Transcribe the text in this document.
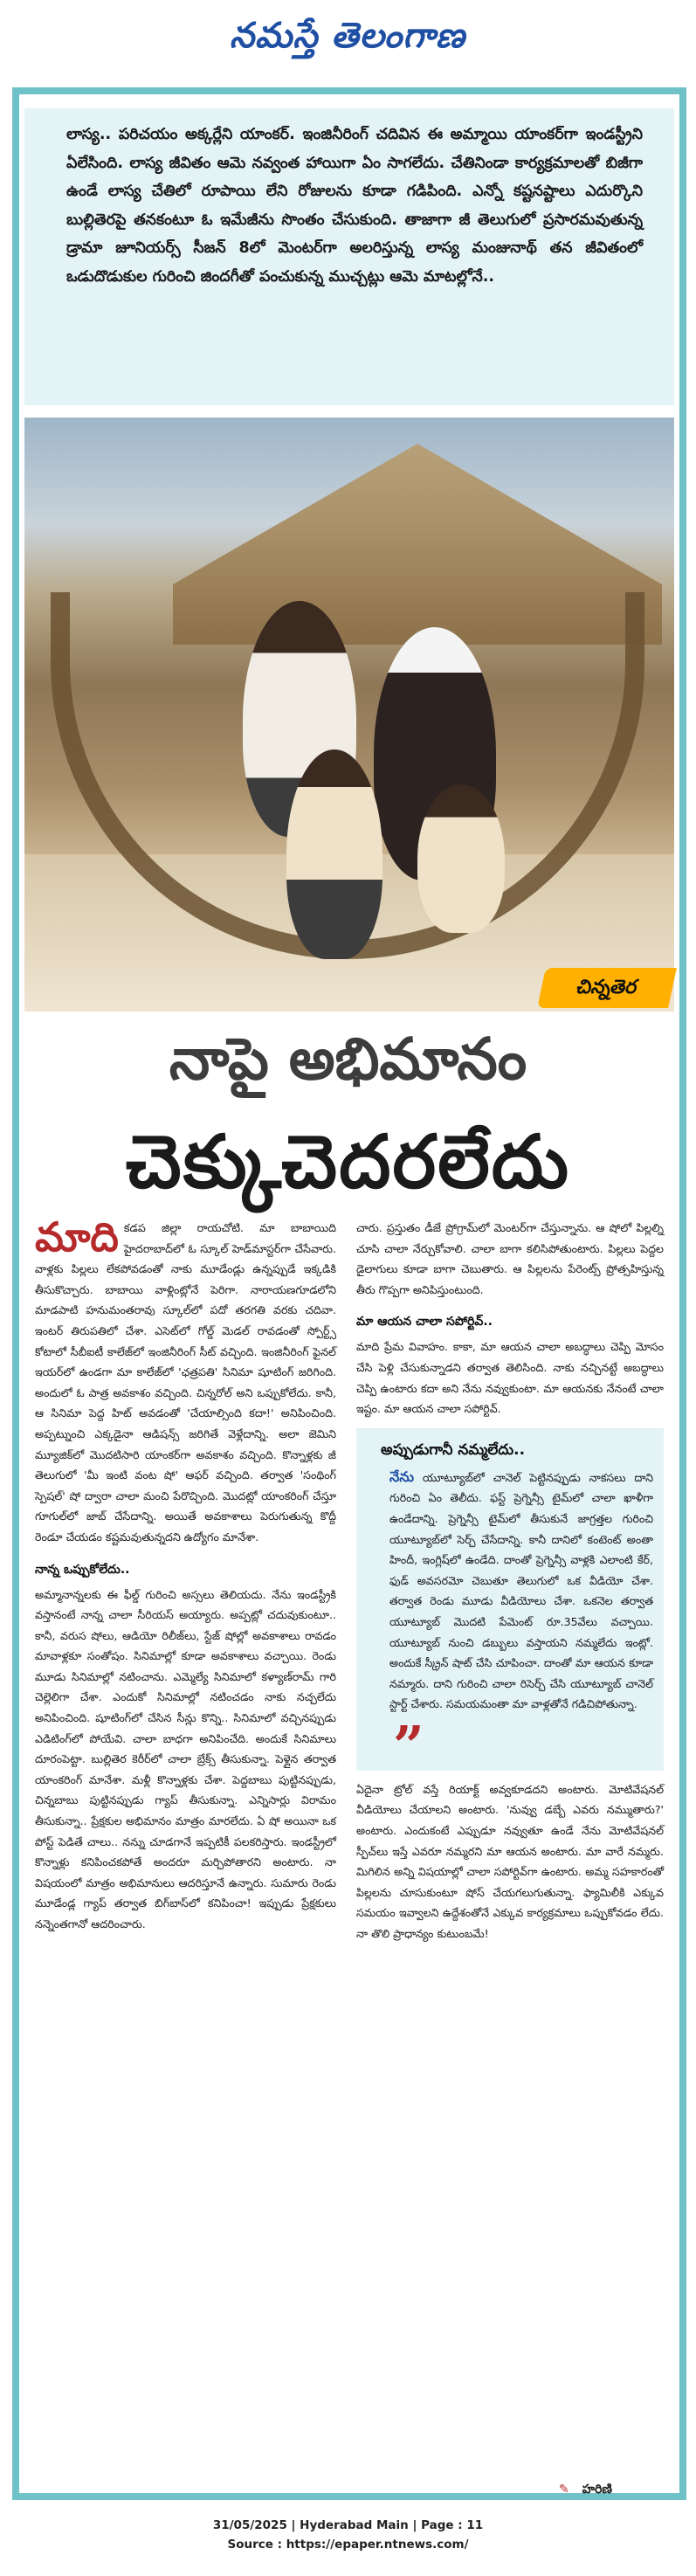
నమస్తే తెలంగాణ

లాస్య.. పరిచయం అక్కర్లేని యాంకర్. ఇంజినీరింగ్ చదివిన ఈ అమ్మాయి యాంకర్‌గా ఇండస్ట్రీని ఏలేసింది. లాస్య జీవితం ఆమె నవ్వంత హాయిగా ఏం సాగలేదు. చేతినిండా కార్యక్రమాలతో బిజీగా ఉండే లాస్య చేతిలో రూపాయి లేని రోజులను కూడా గడిపింది. ఎన్నో కష్టనష్టాలు ఎదుర్కొని బుల్లితెరపై తనకంటూ ఓ ఇమేజీను సొంతం చేసుకుంది. తాజాగా జీ తెలుగులో ప్రసారమవుతున్న డ్రామా జూనియర్స్ సీజన్ 8లో మెంటర్‌గా అలరిస్తున్న లాస్య మంజునాథ్ తన జీవితంలో ఒడుదొడుకుల గురించి జిందగీతో పంచుకున్న ముచ్చట్లు ఆమె మాటల్లోనే..

చిన్నతెర
నాపై అభిమానం
చెక్కుచెదరలేదు
మాది కడప జిల్లా రాయచోటి. మా బాబాయిది హైదరాబాద్‌లో ఓ స్కూల్ హెడ్‌మాస్టర్‌గా చేసేవారు. వాళ్లకు పిల్లలు లేకపోవడంతో నాకు మూడేండ్లు ఉన్నప్పుడే ఇక్కడికి తీసుకొచ్చారు. బాబాయి వాళ్లింట్లోనే పెరిగా. నారాయణగూడలోని మాడపాటి హనుమంతరావు స్కూల్‌లో పదో తరగతి వరకు చదివా. ఇంటర్ తిరుపతిలో చేశా. ఎసెట్‌లో గోల్డ్ మెడల్ రావడంతో స్పోర్ట్స్ కోటాలో సీబీఐటీ కాలేజ్‌లో ఇంజినీరింగ్ సీట్ వచ్చింది. ఇంజినీరింగ్ ఫైనల్ ఇయర్‌లో ఉండగా మా కాలేజ్‌లో 'ఛత్రపతి' సినిమా షూటింగ్ జరిగింది. అందులో ఓ పాత్ర అవకాశం వచ్చింది. చిన్నరోల్ అని ఒప్పుకోలేదు. కానీ, ఆ సినిమా పెద్ద హిట్ అవడంతో 'చేయాల్సింది కదా!' అనిపించింది. అప్పట్నుంచి ఎక్కడైనా ఆడిషన్స్ జరిగితే వెళ్లేదాన్ని. అలా జెమిని మ్యూజిక్‌లో మొదటిసారి యాంకర్‌గా అవకాశం వచ్చింది. కొన్నాళ్లకు జీ తెలుగులో 'మీ ఇంటి వంట షో' ఆఫర్ వచ్చింది. తర్వాత 'సంథింగ్ స్పెషల్' షో ద్వారా చాలా మంచి పేరొచ్చింది. మొదట్లో యాంకరింగ్ చేస్తూ గూగుల్‌లో జాబ్ చేసేదాన్ని. అయితే అవకాశాలు పెరుగుతున్న కొద్దీ రెండూ చేయడం కష్టమవుతున్నదని ఉద్యోగం మానేశా.
నాన్న ఒప్పుకోలేదు..
అమ్మానాన్నలకు ఈ ఫీల్డ్ గురించి అస్సలు తెలియదు. నేను ఇండస్ట్రీకి వస్తానంటే నాన్న చాలా సీరియస్ అయ్యారు. అప్పట్లో చదువుకుంటూ.. కానీ, వరుస షోలు, ఆడియో రిలీజ్‌లు, స్టేజ్ షోల్లో అవకాశాలు రావడం మావాళ్లకూ సంతోషం. సినిమాల్లో కూడా అవకాశాలు వచ్చాయి. రెండు మూడు సినిమాల్లో నటించాను. ఎమ్మెల్యే సినిమాలో కళ్యాణ్‌రామ్ గారి చెల్లెలిగా చేశా. ఎందుకో సినిమాల్లో నటించడం నాకు నచ్చలేదు అనిపించింది. షూటింగ్‌లో చేసిన సీన్లు కొన్ని.. సినిమాలో వచ్చినప్పుడు ఎడిటింగ్‌లో పోయేవి. చాలా బాధగా అనిపించేది. అందుకే సినిమాలు దూరంపెట్టా. బుల్లితెర కెరీర్‌లో చాలా బ్రేక్స్ తీసుకున్నా. పెళ్లైన తర్వాత యాంకరింగ్ మానేశా. మళ్లీ కొన్నాళ్లకు చేశా. పెద్దబాబు పుట్టినప్పుడు, చిన్నబాబు పుట్టినప్పుడు గ్యాప్ తీసుకున్నా. ఎన్నిసార్లు విరామం తీసుకున్నా.. ప్రేక్షకుల అభిమానం మాత్రం మారలేదు. ఏ షో అయినా ఒక పోస్ట్ పెడితే చాలు.. నన్ను చూడగానే ఇప్పటికీ పలకరిస్తారు. ఇండస్ట్రీలో కొన్నాళ్లు కనిపించకపోతే అందరూ మర్చిపోతారని అంటారు. నా విషయంలో మాత్రం అభిమానులు ఆదరిస్తూనే ఉన్నారు. సుమారు రెండు మూడేండ్ల గ్యాప్ తర్వాత బిగ్‌బాస్‌లో కనిపించా! ఇప్పుడు ప్రేక్షకులు నన్నెంతగానో ఆదరించారు.
చారు. ప్రస్తుతం డీజే ప్రోగ్రామ్‌లో మెంటర్‌గా చేస్తున్నాను. ఆ షోలో పిల్లల్ని చూసి చాలా నేర్చుకోవాలి. చాలా బాగా కలిసిపోతుంటారు. పిల్లలు పెద్దల డైలాగులు కూడా బాగా చెబుతారు. ఆ పిల్లలను పేరెంట్స్ ప్రోత్సహిస్తున్న తీరు గొప్పగా అనిపిస్తుంటుంది.
మా ఆయన చాలా సపోర్టివ్..
మాది ప్రేమ వివాహం. కాకా, మా ఆయన చాలా అబద్ధాలు చెప్పి మోసం చేసి పెళ్లి చేసుకున్నాడని తర్వాత తెలిసింది. నాకు నచ్చినట్టే అబద్ధాలు చెప్పి ఉంటారు కదా అని నేను నవ్వుకుంటా. మా ఆయనకు నేనంటే చాలా ఇష్టం. మా ఆయన చాలా సపోర్టివ్.
అప్పుడుగానీ నమ్మలేదు..
నేను యూట్యూబ్‌లో చానెల్ పెట్టినప్పుడు నాకసలు దాని గురించి ఏం తెలీదు. ఫస్ట్ ప్రెగ్నెన్సీ టైమ్‌లో చాలా ఖాళీగా ఉండేదాన్ని. ప్రెగ్నెన్సీ టైమ్‌లో తీసుకునే జాగ్రత్తల గురించి యూట్యూబ్‌లో సెర్చ్ చేసేదాన్ని. కానీ దానిలో కంటెంట్ అంతా హిందీ, ఇంగ్లిష్‌లో ఉండేది. దాంతో ప్రెగ్నెన్సీ వాళ్లకి ఎలాంటి కేర్, ఫుడ్ అవసరమో చెబుతూ తెలుగులో ఒక వీడియో చేశా. తర్వాత రెండు మూడు వీడియోలు చేశా. ఒకనెల తర్వాత యూట్యూబ్ మొదటి పేమెంట్ రూ.35వేలు వచ్చాయి. యూట్యూబ్ నుంచి డబ్బులు వస్తాయని నమ్మలేదు ఇంట్లో. అందుకే స్క్రీన్ షాట్ చేసి చూపించా. దాంతో మా ఆయన కూడా నమ్మారు. దాని గురించి చాలా రిసెర్చ్ చేసి యూట్యూబ్ చానెల్ స్టార్ట్ చేశారు. సమయమంతా మా వాళ్లతోనే గడిచిపోతున్నా.
”
ఏదైనా ట్రోల్ వస్తే రియాక్ట్ అవ్వకూడదని అంటారు. మోటివేషనల్ వీడియోలు చేయాలని అంటారు. 'నువ్వు డబ్బే ఎవరు నమ్ముతారు?' అంటారు. ఎందుకంటే ఎప్పుడూ నవ్వుతూ ఉండే నేను మోటివేషనల్ స్పీచ్‌లు ఇస్తే ఎవరూ నమ్మరని మా ఆయన అంటారు. మా వారే నమ్మరు. మిగిలిన అన్ని విషయాల్లో చాలా సపోర్టివ్‌గా ఉంటారు. అమ్మ సహకారంతో పిల్లలను చూసుకుంటూ షోస్ చేయగలుగుతున్నా. ఫ్యామిలీకి ఎక్కువ సమయం ఇవ్వాలని ఉద్దేశంతోనే ఎక్కువ కార్యక్రమాలు ఒప్పుకోవడం లేదు. నా తొలి ప్రాధాన్యం కుటుంబమే!
✎ హరిణి
31/05/2025 | Hyderabad Main | Page : 11
Source : https://epaper.ntnews.com/
